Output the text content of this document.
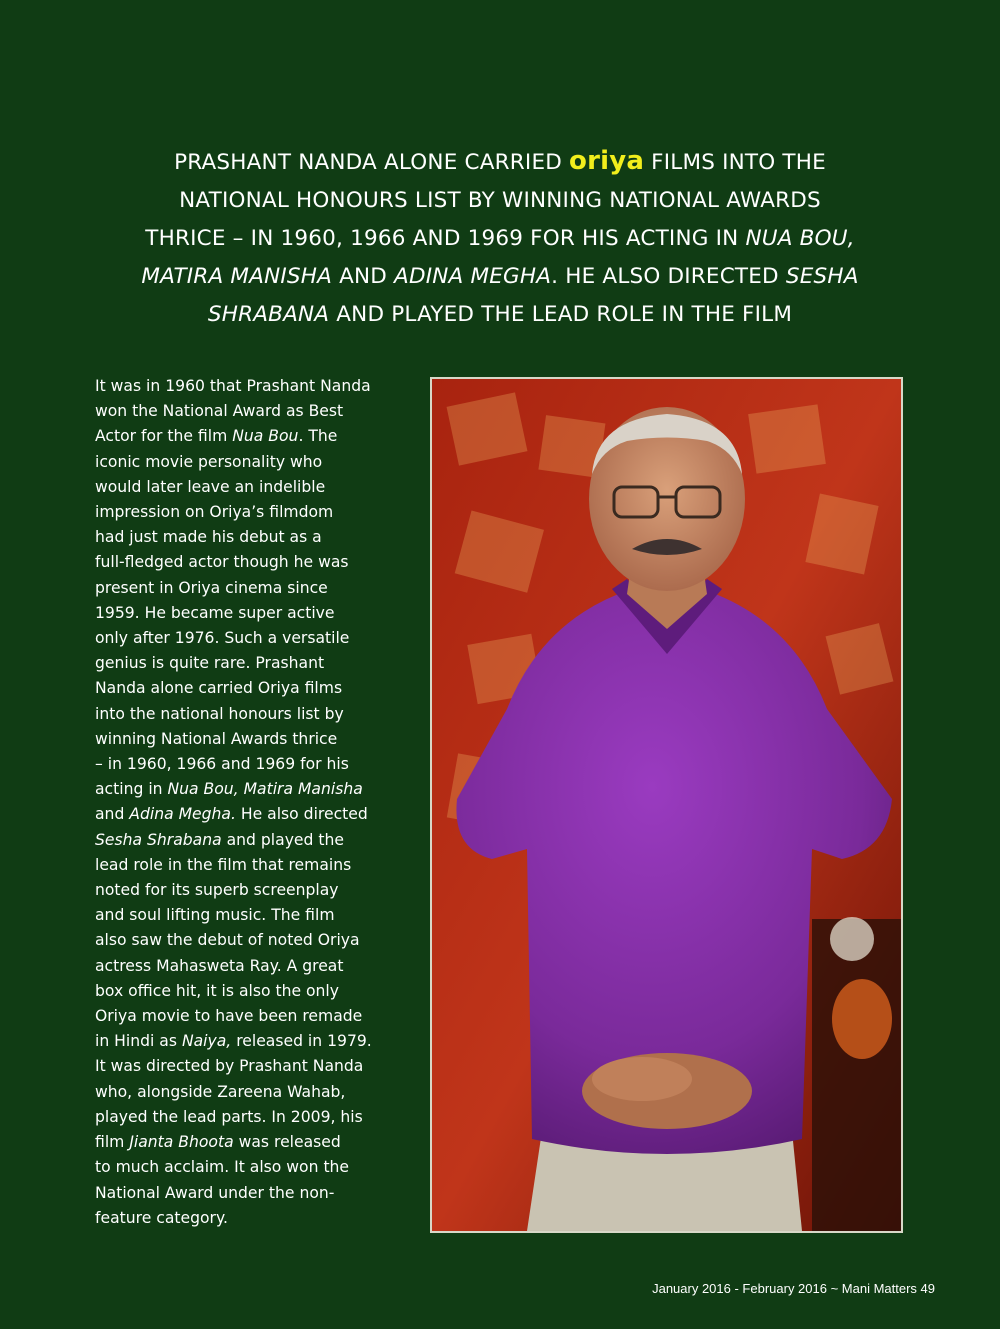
PRASHANT NANDA ALONE CARRIED oriya FILMS INTO THE
NATIONAL HONOURS LIST BY WINNING NATIONAL AWARDS
THRICE – IN 1960, 1966 AND 1969 FOR HIS ACTING IN NUA BOU,
MATIRA MANISHA AND ADINA MEGHA. HE ALSO DIRECTED SESHA
SHRABANA AND PLAYED THE LEAD ROLE IN THE FILM
It was in 1960 that Prashant Nanda
won the National Award as Best
Actor for the film Nua Bou. The
iconic movie personality who
would later leave an indelible
impression on Oriya’s filmdom
had just made his debut as a
full-fledged actor though he was
present in Oriya cinema since
1959. He became super active
only after 1976. Such a versatile
genius is quite rare. Prashant
Nanda alone carried Oriya films
into the national honours list by
winning National Awards thrice
– in 1960, 1966 and 1969 for his
acting in Nua Bou, Matira Manisha
and Adina Megha. He also directed
Sesha Shrabana and played the
lead role in the film that remains
noted for its superb screenplay
and soul lifting music. The film
also saw the debut of noted Oriya
actress Mahasweta Ray. A great
box office hit, it is also the only
Oriya movie to have been remade
in Hindi as Naiya, released in 1979.
It was directed by Prashant Nanda
who, alongside Zareena Wahab,
played the lead parts. In 2009, his
film Jianta Bhoota was released
to much acclaim. It also won the
National Award under the non-
feature category.
January 2016 - February 2016 ~ Mani Matters 49
